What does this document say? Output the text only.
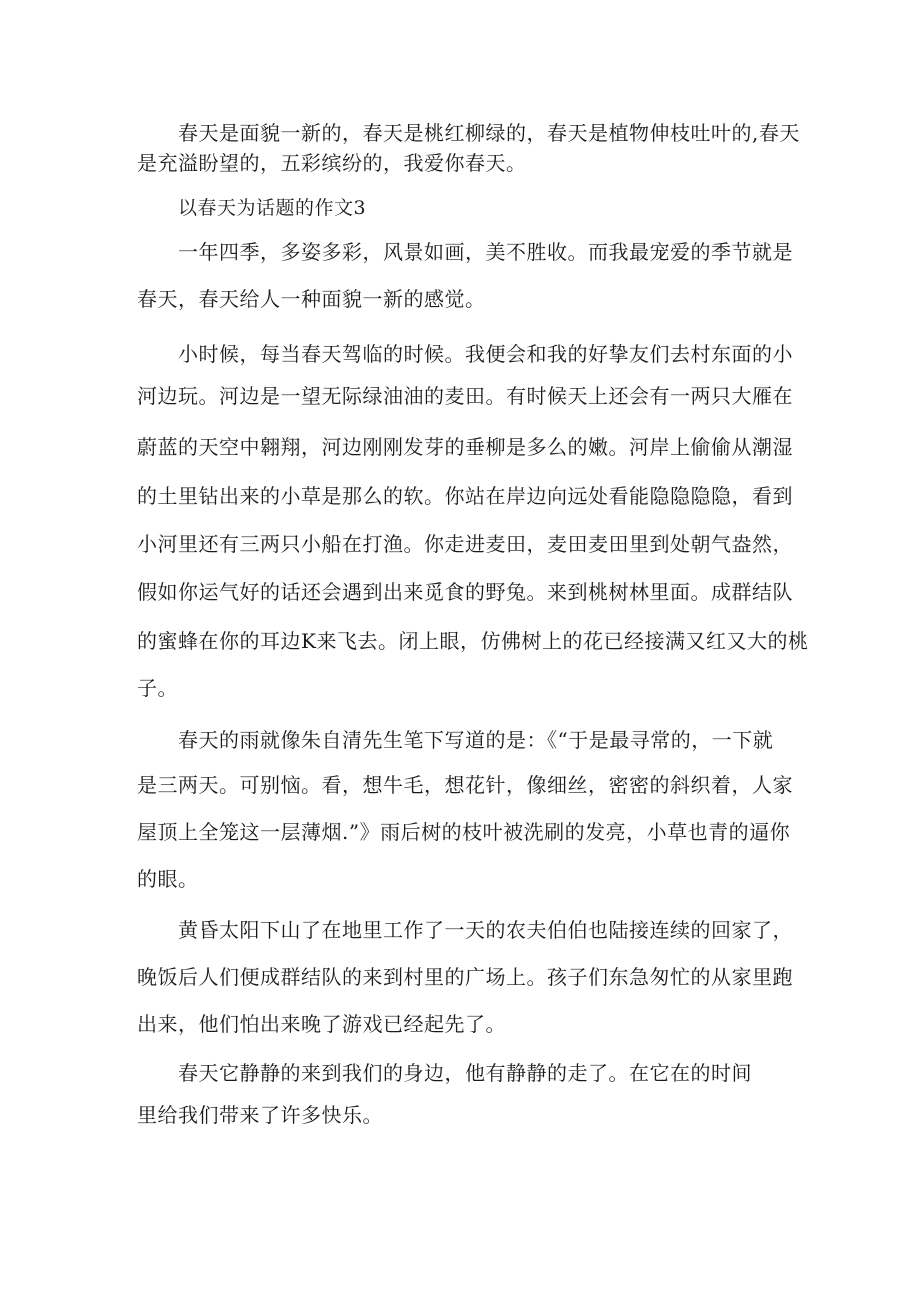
春天是面貌一新的，春天是桃红柳绿的，春天是植物伸枝吐叶的,春天
是充溢盼望的，五彩缤纷的，我爱你春天。
以春天为话题的作文3
一年四季，多姿多彩，风景如画，美不胜收。而我最宠爱的季节就是
春天，春天给人一种面貌一新的感觉。
小时候，每当春天驾临的时候。我便会和我的好挚友们去村东面的小
河边玩。河边是一望无际绿油油的麦田。有时候天上还会有一两只大雁在
蔚蓝的天空中翱翔，河边刚刚发芽的垂柳是多么的嫩。河岸上偷偷从潮湿
的土里钻出来的小草是那么的软。你站在岸边向远处看能隐隐隐隐，看到
小河里还有三两只小船在打渔。你走进麦田，麦田麦田里到处朝气盎然，
假如你运气好的话还会遇到出来觅食的野兔。来到桃树林里面。成群结队
的蜜蜂在你的耳边K来飞去。闭上眼，仿佛树上的花已经接满又红又大的桃
子。
春天的雨就像朱自清先生笔下写道的是：《“于是最寻常的，一下就
是三两天。可别恼。看，想牛毛，想花针，像细丝，密密的斜织着，人家
屋顶上全笼这一层薄烟.”》雨后树的枝叶被洗刷的发亮，小草也青的逼你
的眼。
黄昏太阳下山了在地里工作了一天的农夫伯伯也陆接连续的回家了，
晚饭后人们便成群结队的来到村里的广场上。孩子们东急匆忙的从家里跑
出来，他们怕出来晚了游戏已经起先了。
春天它静静的来到我们的身边，他有静静的走了。在它在的时间
里给我们带来了许多快乐。
